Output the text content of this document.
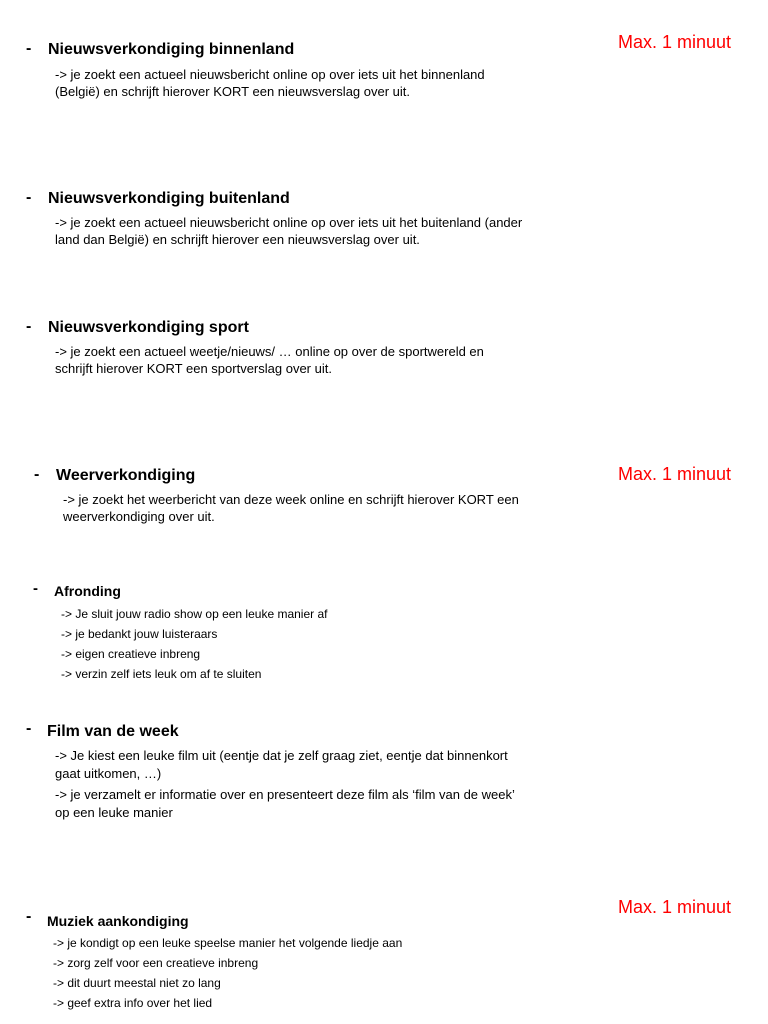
- Nieuwsverkondiging binnenland
-> je zoekt een actueel nieuwsbericht online op over iets uit het binnenland
(België) en schrijft hierover KORT een nieuwsverslag over uit.
- Nieuwsverkondiging buitenland
-> je zoekt een actueel nieuwsbericht online op over iets uit het buitenland (ander
land dan België) en schrijft hierover een nieuwsverslag over uit.
- Nieuwsverkondiging sport
-> je zoekt een actueel weetje/nieuws/ … online op over de sportwereld en
schrijft hierover KORT een sportverslag over uit.
- Weerverkondiging
-> je zoekt het weerbericht van deze week online en schrijft hierover KORT een
weerverkondiging over uit.
- Afronding
-> Je sluit jouw radio show op een leuke manier af
-> je bedankt jouw luisteraars
-> eigen creatieve inbreng
-> verzin zelf iets leuk om af te sluiten
- Film van de week
-> Je kiest een leuke film uit (eentje dat je zelf graag ziet, eentje dat binnenkort
gaat uitkomen, …)
-> je verzamelt er informatie over en presenteert deze film als ‘film van de week’
op een leuke manier
- Muziek aankondiging
-> je kondigt op een leuke speelse manier het volgende liedje aan
-> zorg zelf voor een creatieve inbreng
-> dit duurt meestal niet zo lang
-> geef extra info over het lied
Max. 1 minuut
Max. 1 minuut
Max. 1 minuut
